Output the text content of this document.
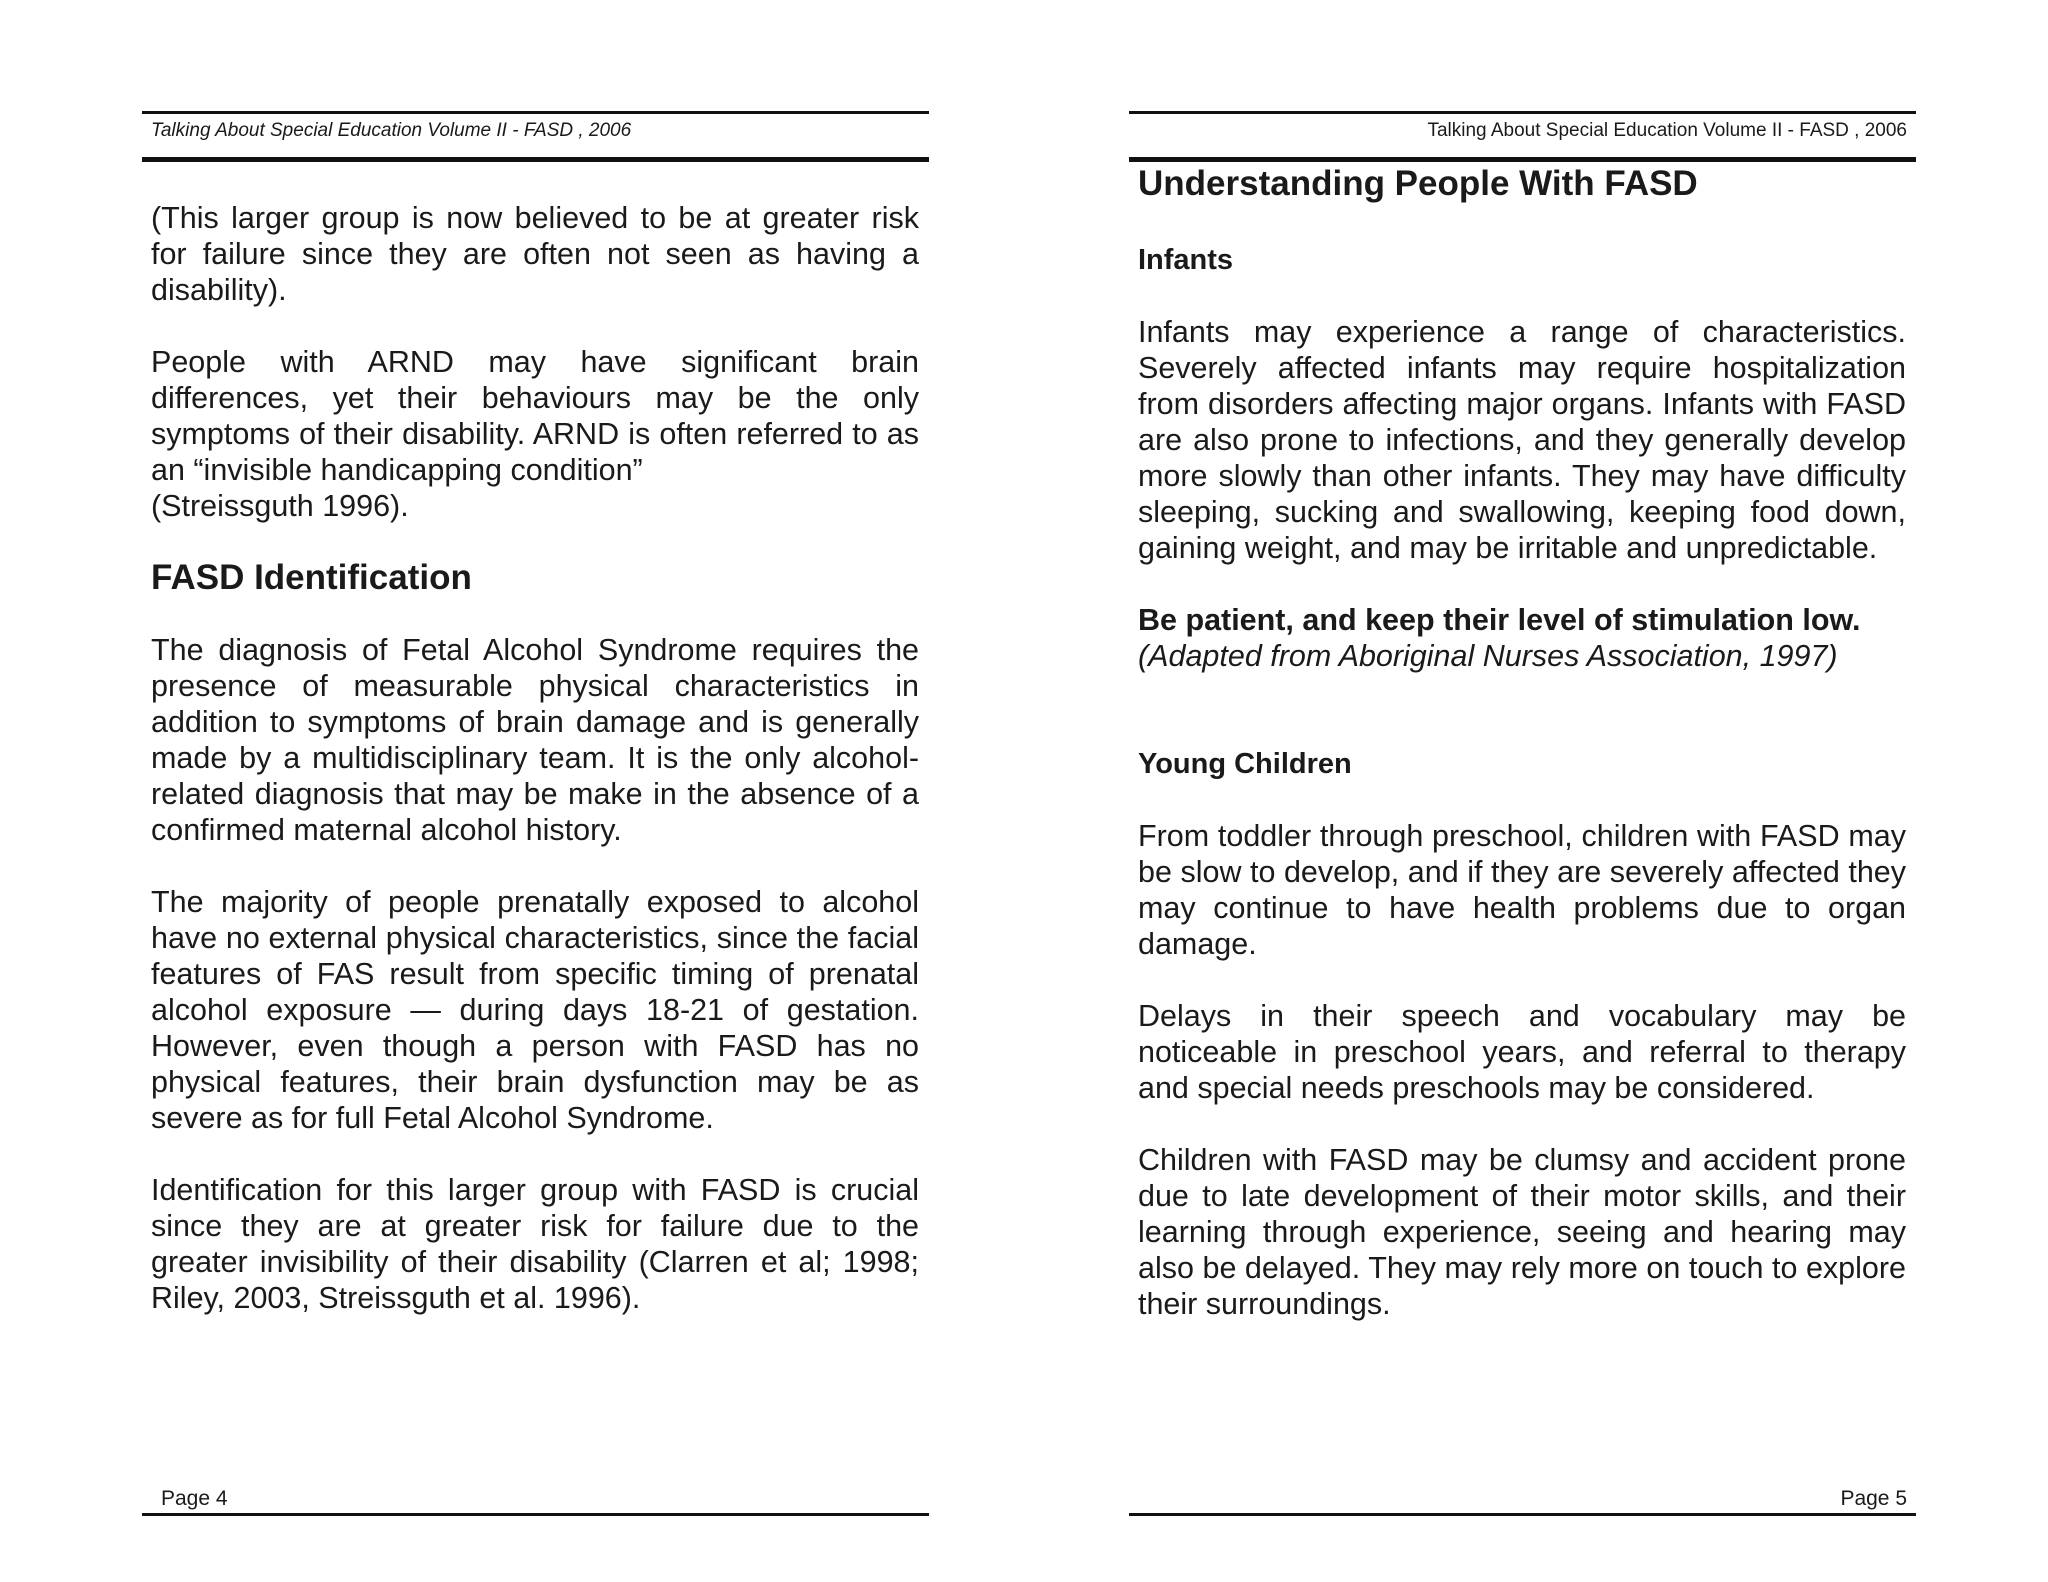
Talking About Special Education Volume II - FASD , 2006

(This larger group is now believed to be at greater risk for failure since they are often not seen as having a disability).

People with ARND may have significant brain differences, yet their behaviours may be the only symptoms of their disability. ARND is often referred to as an “invisible handicapping condition”

(Streissguth 1996).

FASD Identification

The diagnosis of Fetal Alcohol Syndrome requires the presence of measurable physical characteristics in addition to symptoms of brain damage and is generally made by a multidisciplinary team. It is the only alcohol-related diagnosis that may be make in the absence of a confirmed maternal alcohol history.

The majority of people prenatally exposed to alcohol have no external physical characteristics, since the facial features of FAS result from specific timing of prenatal alcohol exposure — during days 18-21 of gestation. However, even though a person with FASD has no physical features, their brain dysfunction may be as severe as for full Fetal Alcohol Syndrome.

Identification for this larger group with FASD is crucial since they are at greater risk for failure due to the greater invisibility of their disability (Clarren et al; 1998; Riley, 2003, Streissguth et al. 1996).

Page 4
Talking About Special Education Volume II - FASD , 2006
Understanding People With FASD
Infants

Infants may experience a range of characteristics. Severely affected infants may require hospitalization from disorders affecting major organs. Infants with FASD are also prone to infections, and they generally develop more slowly than other infants. They may have difficulty sleeping, sucking and swallowing, keeping food down, gaining weight, and may be irritable and unpredictable.

Be patient, and keep their level of stimulation low.
(Adapted from Aboriginal Nurses Association, 1997)
Young Children

From toddler through preschool, children with FASD may be slow to develop, and if they are severely affected they may continue to have health problems due to organ damage.

Delays in their speech and vocabulary may be noticeable in preschool years, and referral to therapy and special needs preschools may be considered.

Children with FASD may be clumsy and accident prone due to late development of their motor skills, and their learning through experience, seeing and hearing may also be delayed. They may rely more on touch to explore their surroundings.

Page 5
